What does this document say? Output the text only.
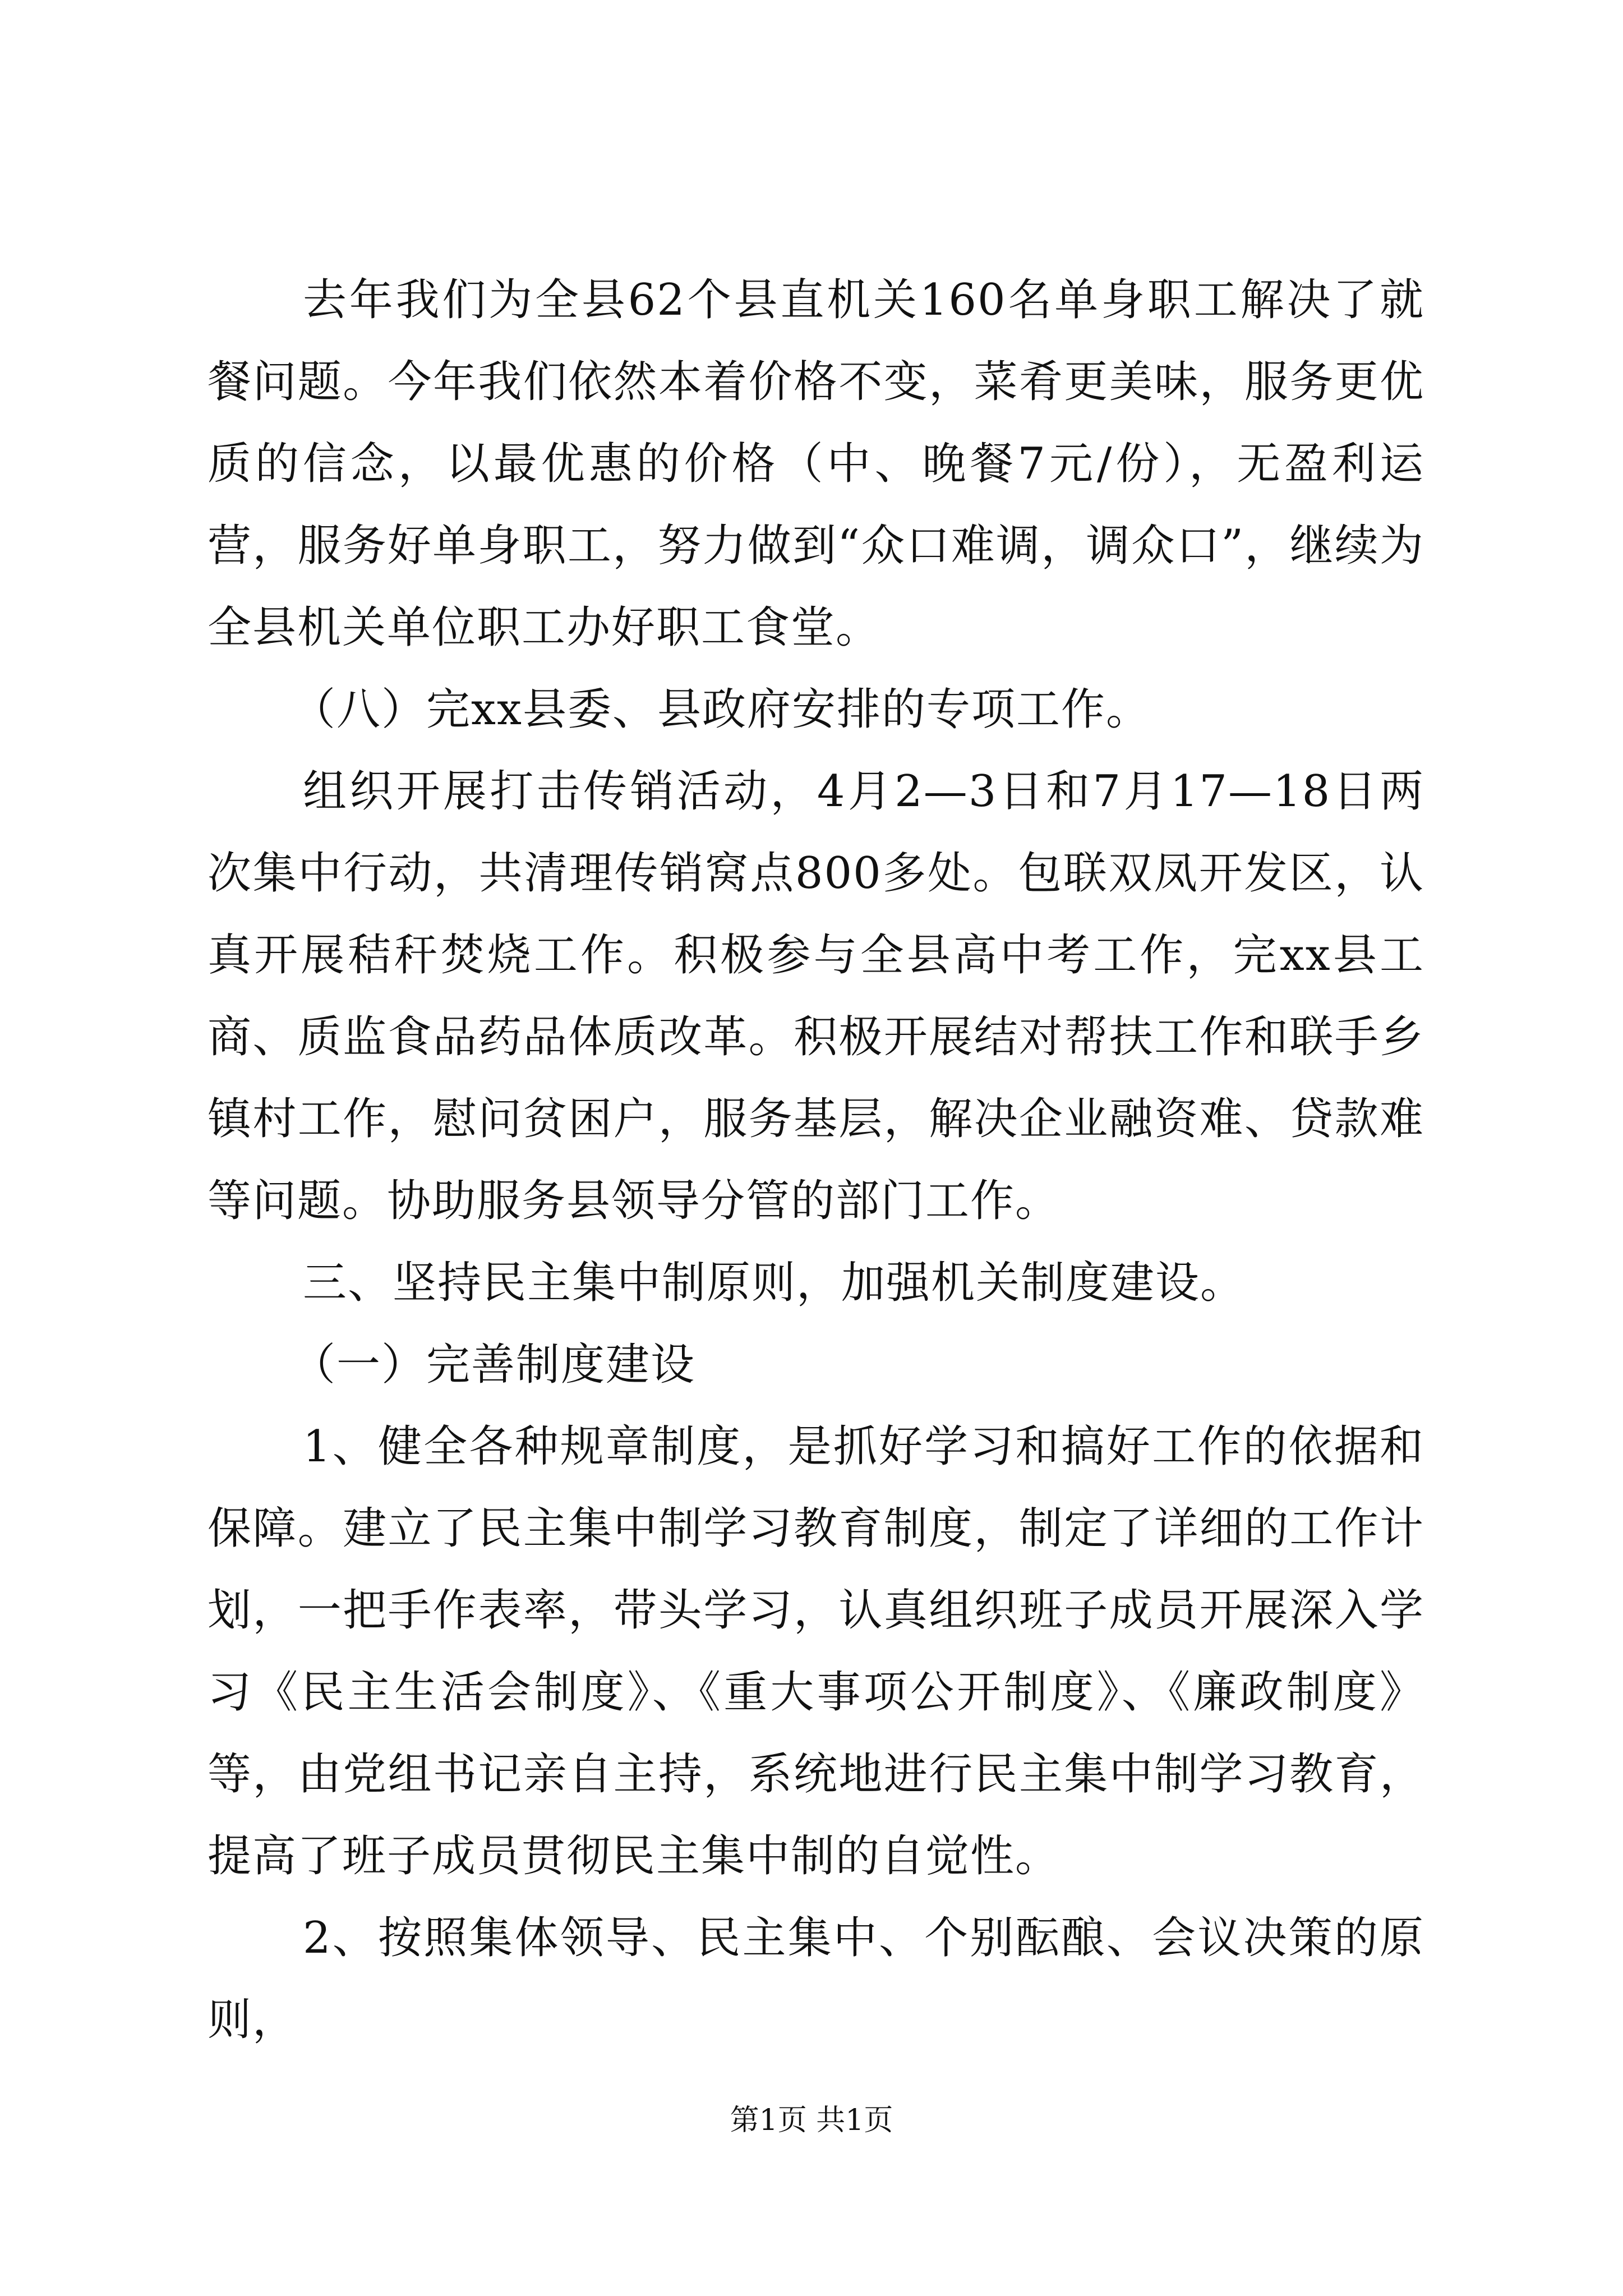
去年我们为全县62个县直机关160名单身职工解决了就餐问题。今年我们依然本着价格不变，菜肴更美味，服务更优质的信念，以最优惠的价格（中、晚餐7元/份），无盈利运营，服务好单身职工，努力做到“众口难调，调众口”，继续为全县机关单位职工办好职工食堂。

（八）完xx县委、县政府安排的专项工作。

组织开展打击传销活动，4月2—3日和7月17—18日两次集中行动，共清理传销窝点800多处。包联双凤开发区，认真开展秸秆焚烧工作。积极参与全县高中考工作，完xx县工商、质监食品药品体质改革。积极开展结对帮扶工作和联手乡镇村工作，慰问贫困户，服务基层，解决企业融资难、贷款难等问题。协助服务县领导分管的部门工作。

三、坚持民主集中制原则，加强机关制度建设。

（一）完善制度建设

1、健全各种规章制度，是抓好学习和搞好工作的依据和保障。建立了民主集中制学习教育制度，制定了详细的工作计划，一把手作表率，带头学习，认真组织班子成员开展深入学习《民主生活会制度》、《重大事项公开制度》、《廉政制度》等，由党组书记亲自主持，系统地进行民主集中制学习教育，提高了班子成员贯彻民主集中制的自觉性。

2、按照集体领导、民主集中、个别酝酿、会议决策的原则，

第1页 共1页
